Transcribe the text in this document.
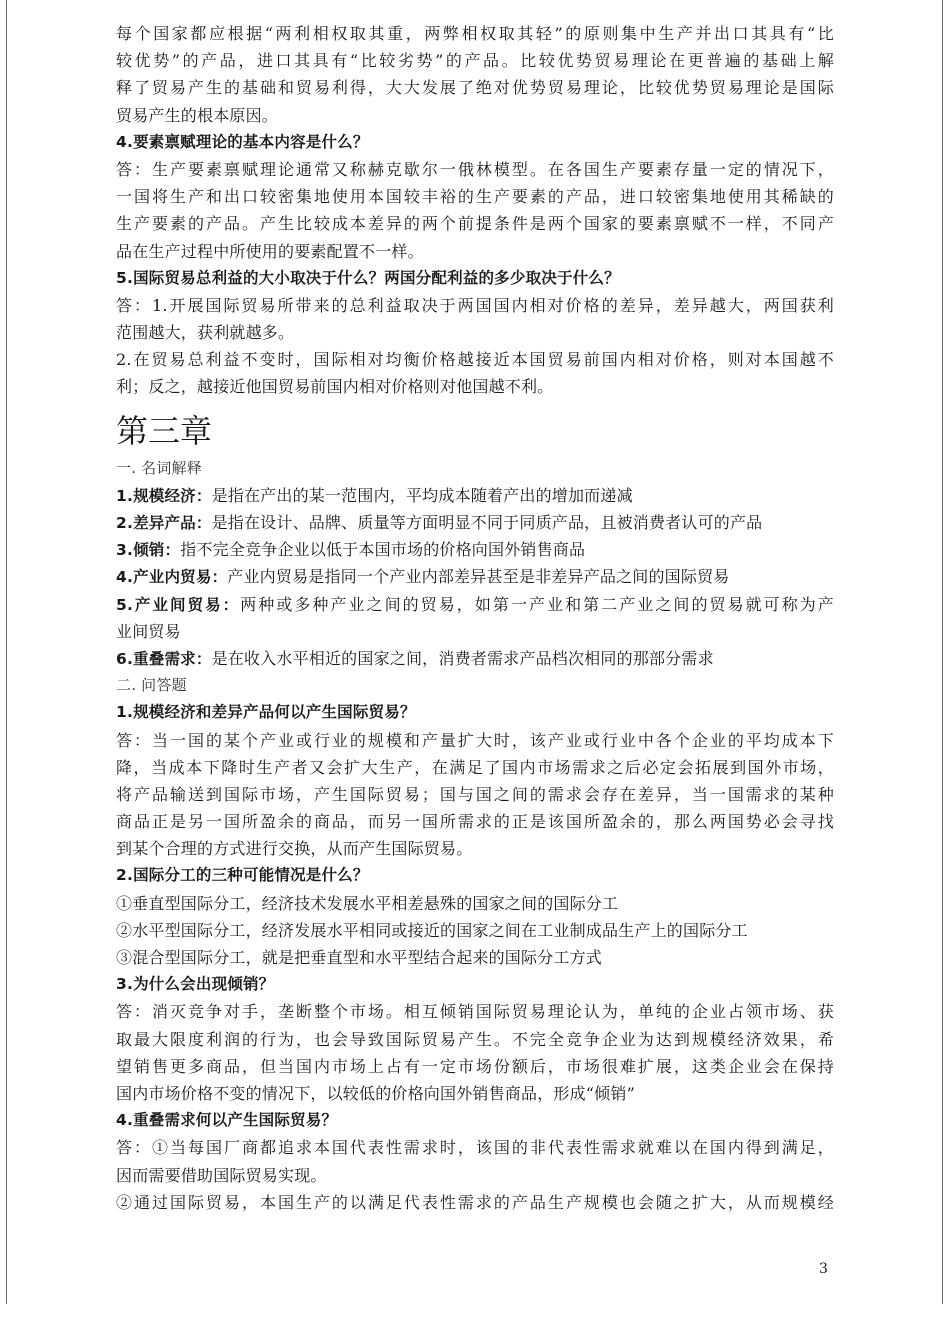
每个国家都应根据“两利相权取其重，两弊相权取其轻”的原则集中生产并出口其具有“比
较优势”的产品，进口其具有“比较劣势”的产品。比较优势贸易理论在更普遍的基础上解
释了贸易产生的基础和贸易利得，大大发展了绝对优势贸易理论，比较优势贸易理论是国际
贸易产生的根本原因。
4.要素禀赋理论的基本内容是什么？
答：生产要素禀赋理论通常又称赫克歇尔一俄林模型。在各国生产要素存量一定的情况下，
一国将生产和出口较密集地使用本国较丰裕的生产要素的产品，进口较密集地使用其稀缺的
生产要素的产品。产生比较成本差异的两个前提条件是两个国家的要素禀赋不一样，不同产
品在生产过程中所使用的要素配置不一样。
5.国际贸易总利益的大小取决于什么？两国分配利益的多少取决于什么？
答：1.开展国际贸易所带来的总利益取决于两国国内相对价格的差异，差异越大，两国获利
范围越大，获利就越多。
2.在贸易总利益不变时，国际相对均衡价格越接近本国贸易前国内相对价格，则对本国越不
利；反之，越接近他国贸易前国内相对价格则对他国越不利。
第三章
一. 名词解释
1.规模经济：是指在产出的某一范围内，平均成本随着产出的增加而递减
2.差异产品：是指在设计、品牌、质量等方面明显不同于同质产品，且被消费者认可的产品
3.倾销：指不完全竞争企业以低于本国市场的价格向国外销售商品
4.产业内贸易：产业内贸易是指同一个产业内部差异甚至是非差异产品之间的国际贸易
5.产业间贸易：两种或多种产业之间的贸易，如第一产业和第二产业之间的贸易就可称为产
业间贸易
6.重叠需求：是在收入水平相近的国家之间，消费者需求产品档次相同的那部分需求
二. 问答题
1.规模经济和差异产品何以产生国际贸易？
答：当一国的某个产业或行业的规模和产量扩大时，该产业或行业中各个企业的平均成本下
降，当成本下降时生产者又会扩大生产，在满足了国内市场需求之后必定会拓展到国外市场，
将产品输送到国际市场，产生国际贸易；国与国之间的需求会存在差异，当一国需求的某种
商品正是另一国所盈余的商品，而另一国所需求的正是该国所盈余的，那么两国势必会寻找
到某个合理的方式进行交换，从而产生国际贸易。
2.国际分工的三种可能情况是什么？
①垂直型国际分工，经济技术发展水平相差悬殊的国家之间的国际分工
②水平型国际分工，经济发展水平相同或接近的国家之间在工业制成品生产上的国际分工
③混合型国际分工，就是把垂直型和水平型结合起来的国际分工方式
3.为什么会出现倾销？
答：消灭竞争对手，垄断整个市场。相互倾销国际贸易理论认为，单纯的企业占领市场、获
取最大限度利润的行为，也会导致国际贸易产生。不完全竞争企业为达到规模经济效果，希
望销售更多商品，但当国内市场上占有一定市场份额后，市场很难扩展，这类企业会在保持
国内市场价格不变的情况下，以较低的价格向国外销售商品，形成“倾销”
4.重叠需求何以产生国际贸易？
答：①当每国厂商都追求本国代表性需求时，该国的非代表性需求就难以在国内得到满足，
因而需要借助国际贸易实现。
②通过国际贸易，本国生产的以满足代表性需求的产品生产规模也会随之扩大，从而规模经
3
